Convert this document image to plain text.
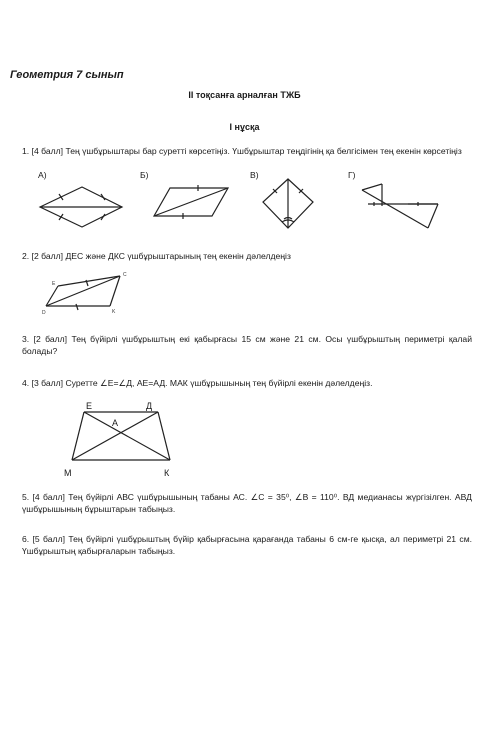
Геометрия 7 сынып
ІІ тоқсанға арналған ТЖБ
І нұсқа
1. [4 балл] Тең үшбұрыштары бар суретті көрсетіңіз. Үшбұрыштар теңдігінің қа белгісімен тең екенін көрсетіңіз
А)	Б)	В)	Г)
2. [2 балл] ДЕС және ДКС үшбұрыштарының тең екенін дәлелдеңіз
C
K
D
E
3. [2 балл] Тең бүйірлі үшбұрыштың екі қабырғасы 15 см және 21 см. Осы үшбұрыштың периметрі қалай болады?
4. [3 балл] Суретте ∠Е=∠Д, АЕ=АД. МАК үшбұрышының тең бүйірлі екенін дәлелдеңіз.
Е	Д
А
М	К
5. [4 балл] Тең бүйірлі АВС үшбұрышының табаны АС. ∠С = 35⁰, ∠В = 110⁰. ВД медианасы жүргізілген. АВД үшбұрышының бұрыштарын табыңыз.
6. [5 балл] Тең бүйірлі үшбұрыштың бүйір қабырғасына қарағанда табаны 6 см-ге қысқа, ал периметрі 21 см. Үшбұрыштың қабырғаларын табыңыз.
